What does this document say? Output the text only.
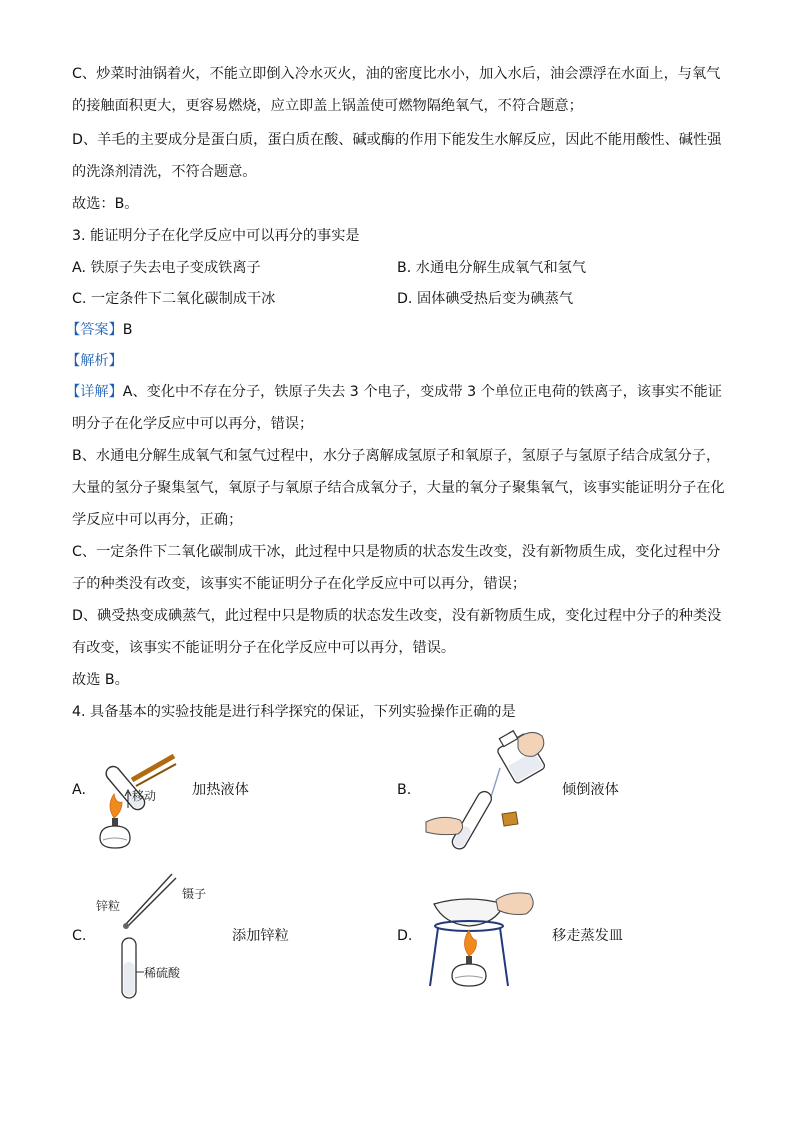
C、炒菜时油锅着火，不能立即倒入冷水灭火，油的密度比水小，加入水后，油会漂浮在水面上，与氧气
的接触面积更大，更容易燃烧，应立即盖上锅盖使可燃物隔绝氧气，不符合题意；
D、羊毛的主要成分是蛋白质，蛋白质在酸、碱或酶的作用下能发生水解反应，因此不能用酸性、碱性强
的洗涤剂清洗，不符合题意。
故选：B。
3. 能证明分子在化学反应中可以再分的事实是
A. 铁原子失去电子变成铁离子	B. 水通电分解生成氧气和氢气
C. 一定条件下二氧化碳制成干冰	D. 固体碘受热后变为碘蒸气
【答案】B
【解析】
【详解】A、变化中不存在分子，铁原子失去 3 个电子，变成带 3 个单位正电荷的铁离子，该事实不能证
明分子在化学反应中可以再分，错误；
B、水通电分解生成氧气和氢气过程中，水分子离解成氢原子和氧原子，氢原子与氢原子结合成氢分子，
大量的氢分子聚集氢气，氧原子与氧原子结合成氧分子，大量的氧分子聚集氧气，该事实能证明分子在化
学反应中可以再分，正确；
C、一定条件下二氧化碳制成干冰，此过程中只是物质的状态发生改变，没有新物质生成，变化过程中分
子的种类没有改变，该事实不能证明分子在化学反应中可以再分，错误；
D、碘受热变成碘蒸气，此过程中只是物质的状态发生改变，没有新物质生成，变化过程中分子的种类没
有改变，该事实不能证明分子在化学反应中可以再分，错误。
故选 B。
4. 具备基本的实验技能是进行科学探究的保证，下列实验操作正确的是
A.	移动	加热液体	B.	倾倒液体
C.
镊子
锌粒
稀硫酸
添加锌粒	D.	移走蒸发皿
